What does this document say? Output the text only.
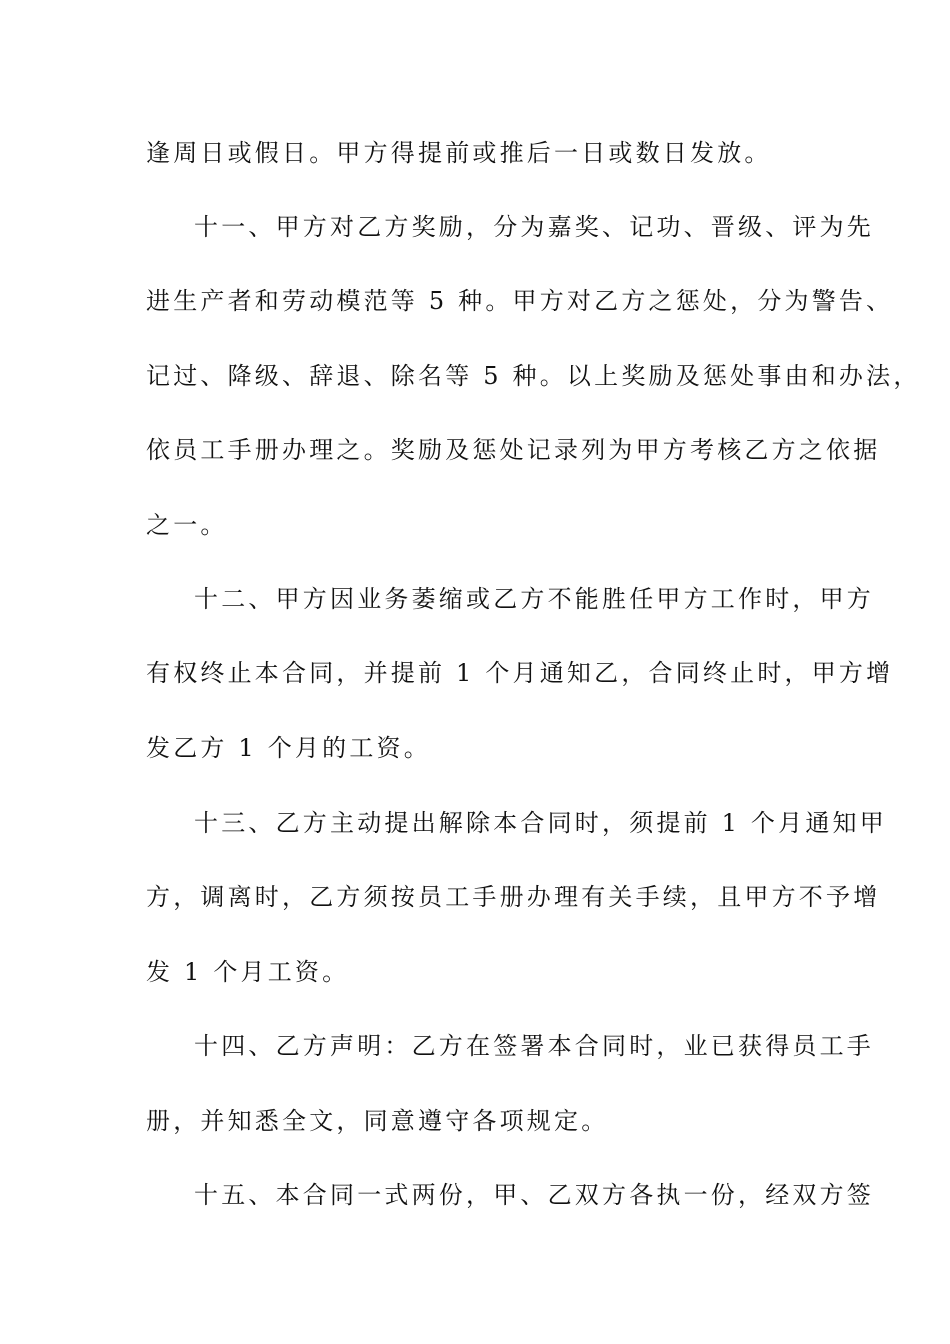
逢周日或假日。甲方得提前或推后一日或数日发放。
十一、甲方对乙方奖励，分为嘉奖、记功、晋级、评为先
进生产者和劳动模范等 5 种。甲方对乙方之惩处，分为警告、
记过、降级、辞退、除名等 5 种。以上奖励及惩处事由和办法，
依员工手册办理之。奖励及惩处记录列为甲方考核乙方之依据
之一。
十二、甲方因业务萎缩或乙方不能胜任甲方工作时，甲方
有权终止本合同，并提前 1 个月通知乙，合同终止时，甲方增
发乙方 1 个月的工资。
十三、乙方主动提出解除本合同时，须提前 1 个月通知甲
方，调离时，乙方须按员工手册办理有关手续，且甲方不予增
发 1 个月工资。
十四、乙方声明：乙方在签署本合同时，业已获得员工手
册，并知悉全文，同意遵守各项规定。
十五、本合同一式两份，甲、乙双方各执一份，经双方签
